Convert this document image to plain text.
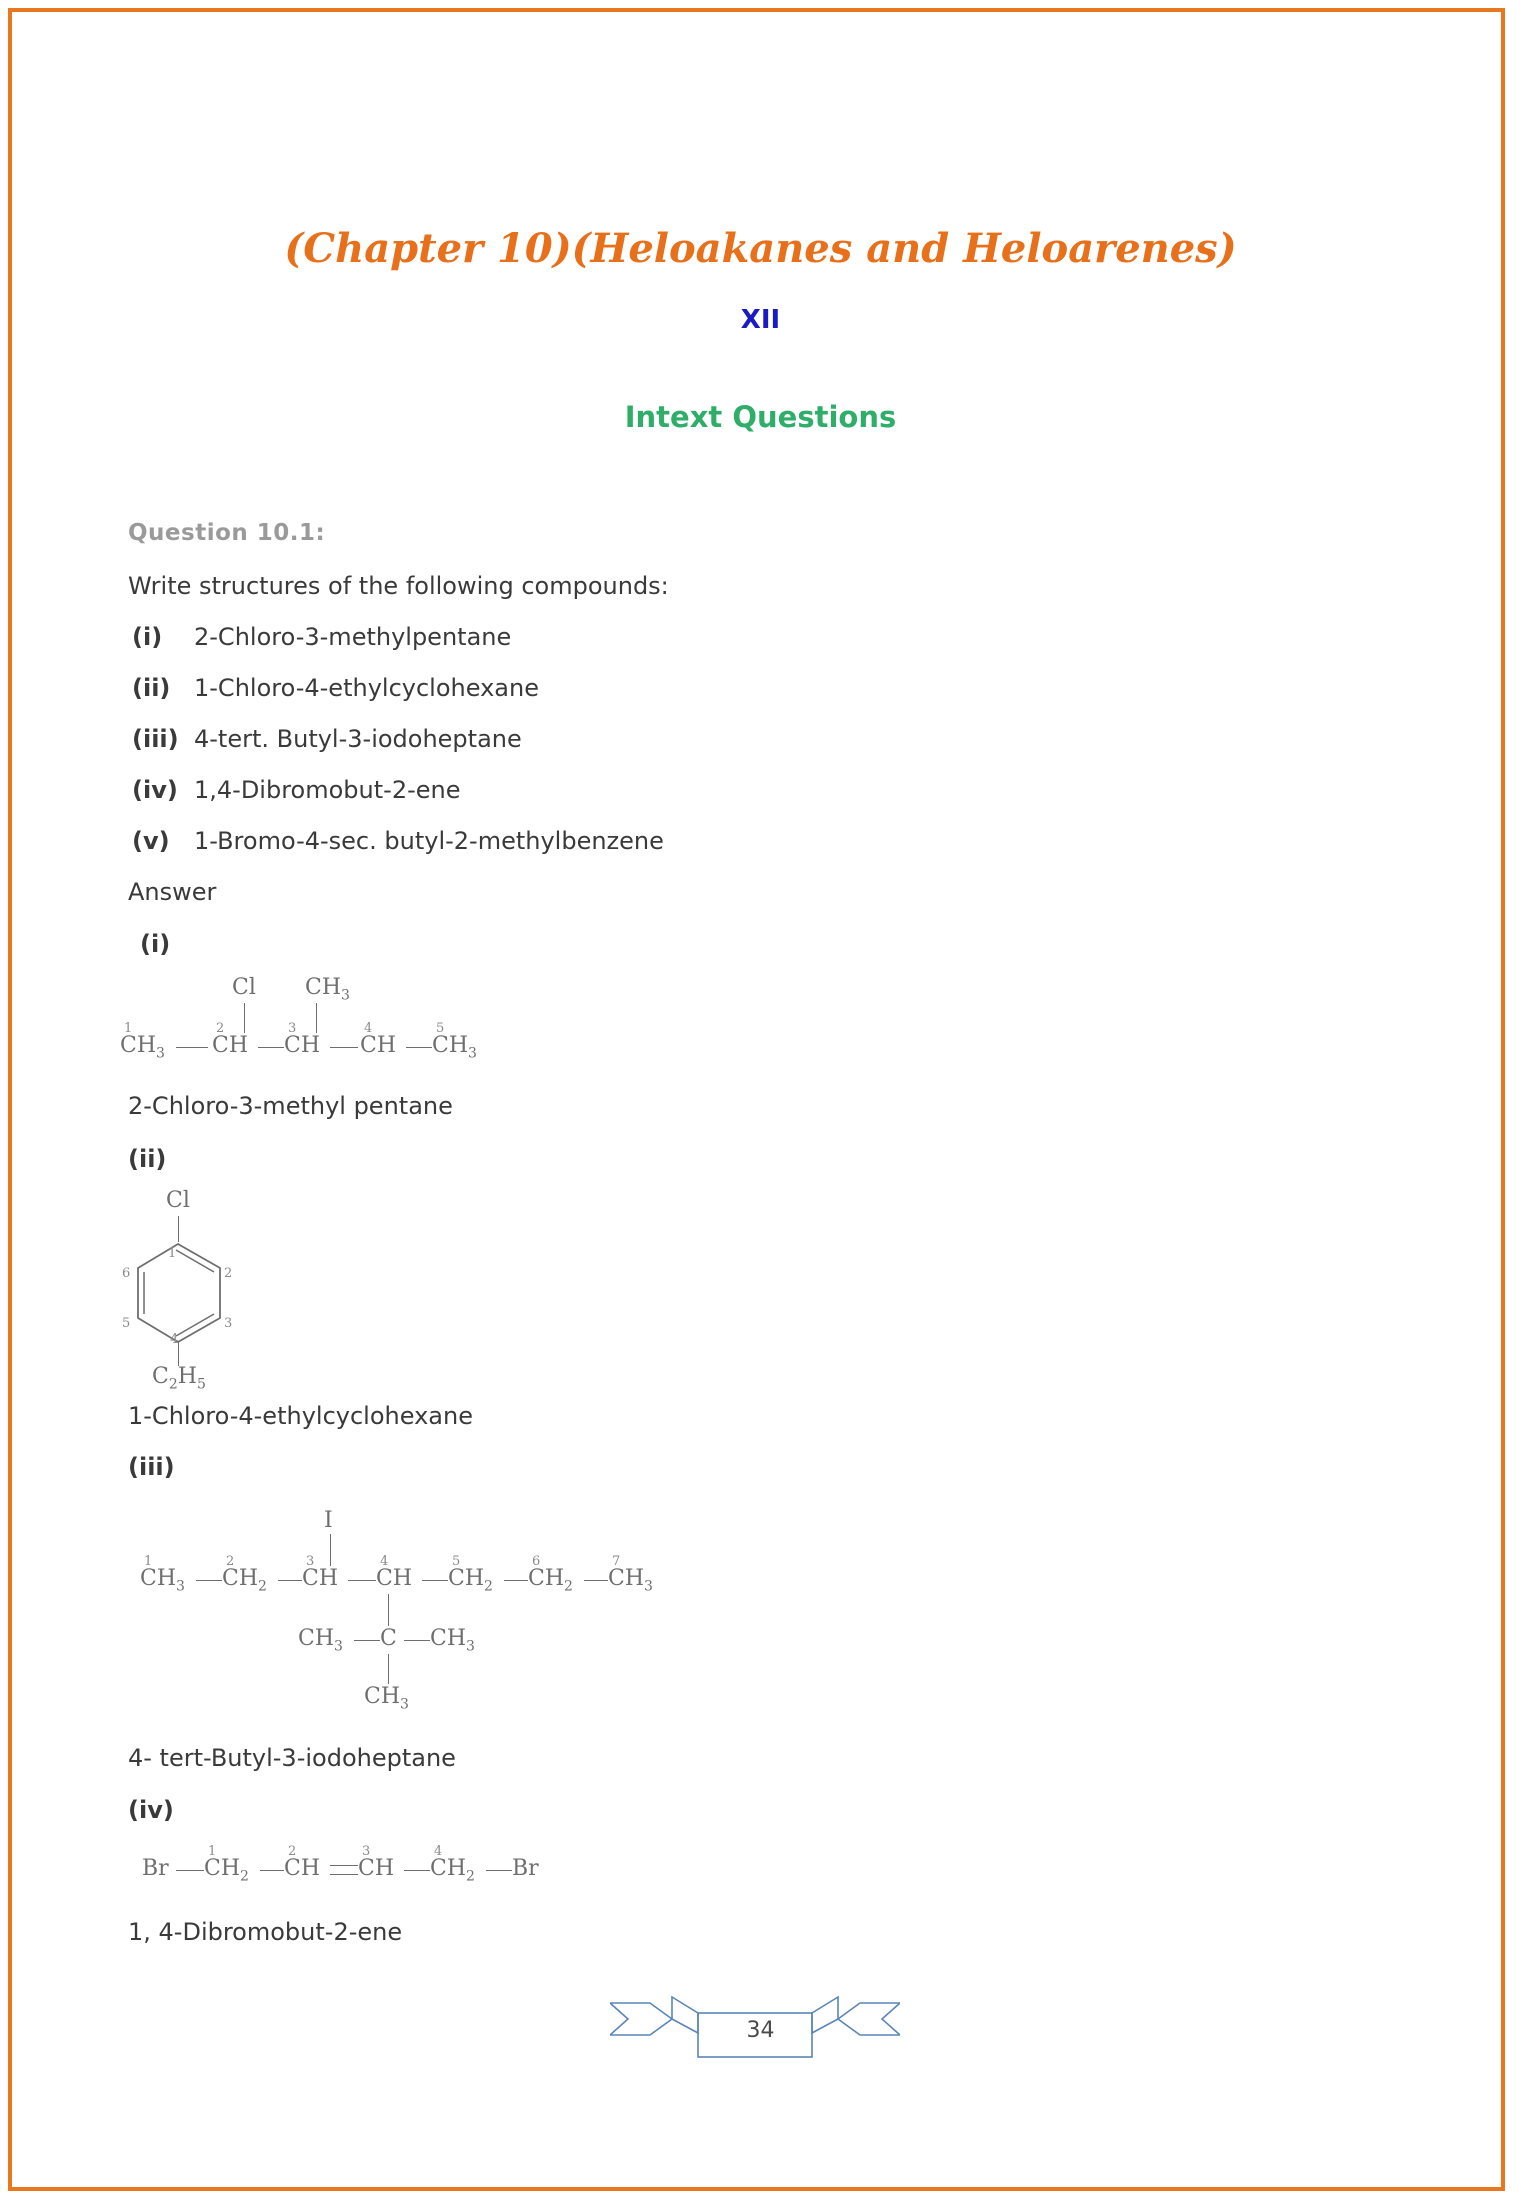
(Chapter 10)(Heloakanes and Heloarenes)
XII
Intext Questions
Question 10.1:
Write structures of the following compounds:
(i) 2-Chloro-3-methylpentane
(ii) 1-Chloro-4-ethylcyclohexane
(iii) 4-tert. Butyl-3-iodoheptane
(iv) 1,4-Dibromobut-2-ene
(v) 1-Bromo-4-sec. butyl-2-methylbenzene
Answer
(i)
Cl $CH_3$
$CH_3$ CH CH CH $CH_3$
1	2	3	4	5
2-Chloro-3-methyl pentane
(ii)
Cl
$C_2H_5$
1
2
3
4
5
6
1-Chloro-4-ethylcyclohexane
(iii)
I
$CH_3$ $CH_2$ CH CH $CH_2$ $CH_2$ $CH_3$
1	2	3	4	5	6	7
$CH_3$ C $CH_3$
$CH_3$
4- tert-Butyl-3-iodoheptane
(iv)
Br $CH_2$ CH CH $CH_2$ Br
1	2	3	4
1, 4-Dibromobut-2-ene
34
